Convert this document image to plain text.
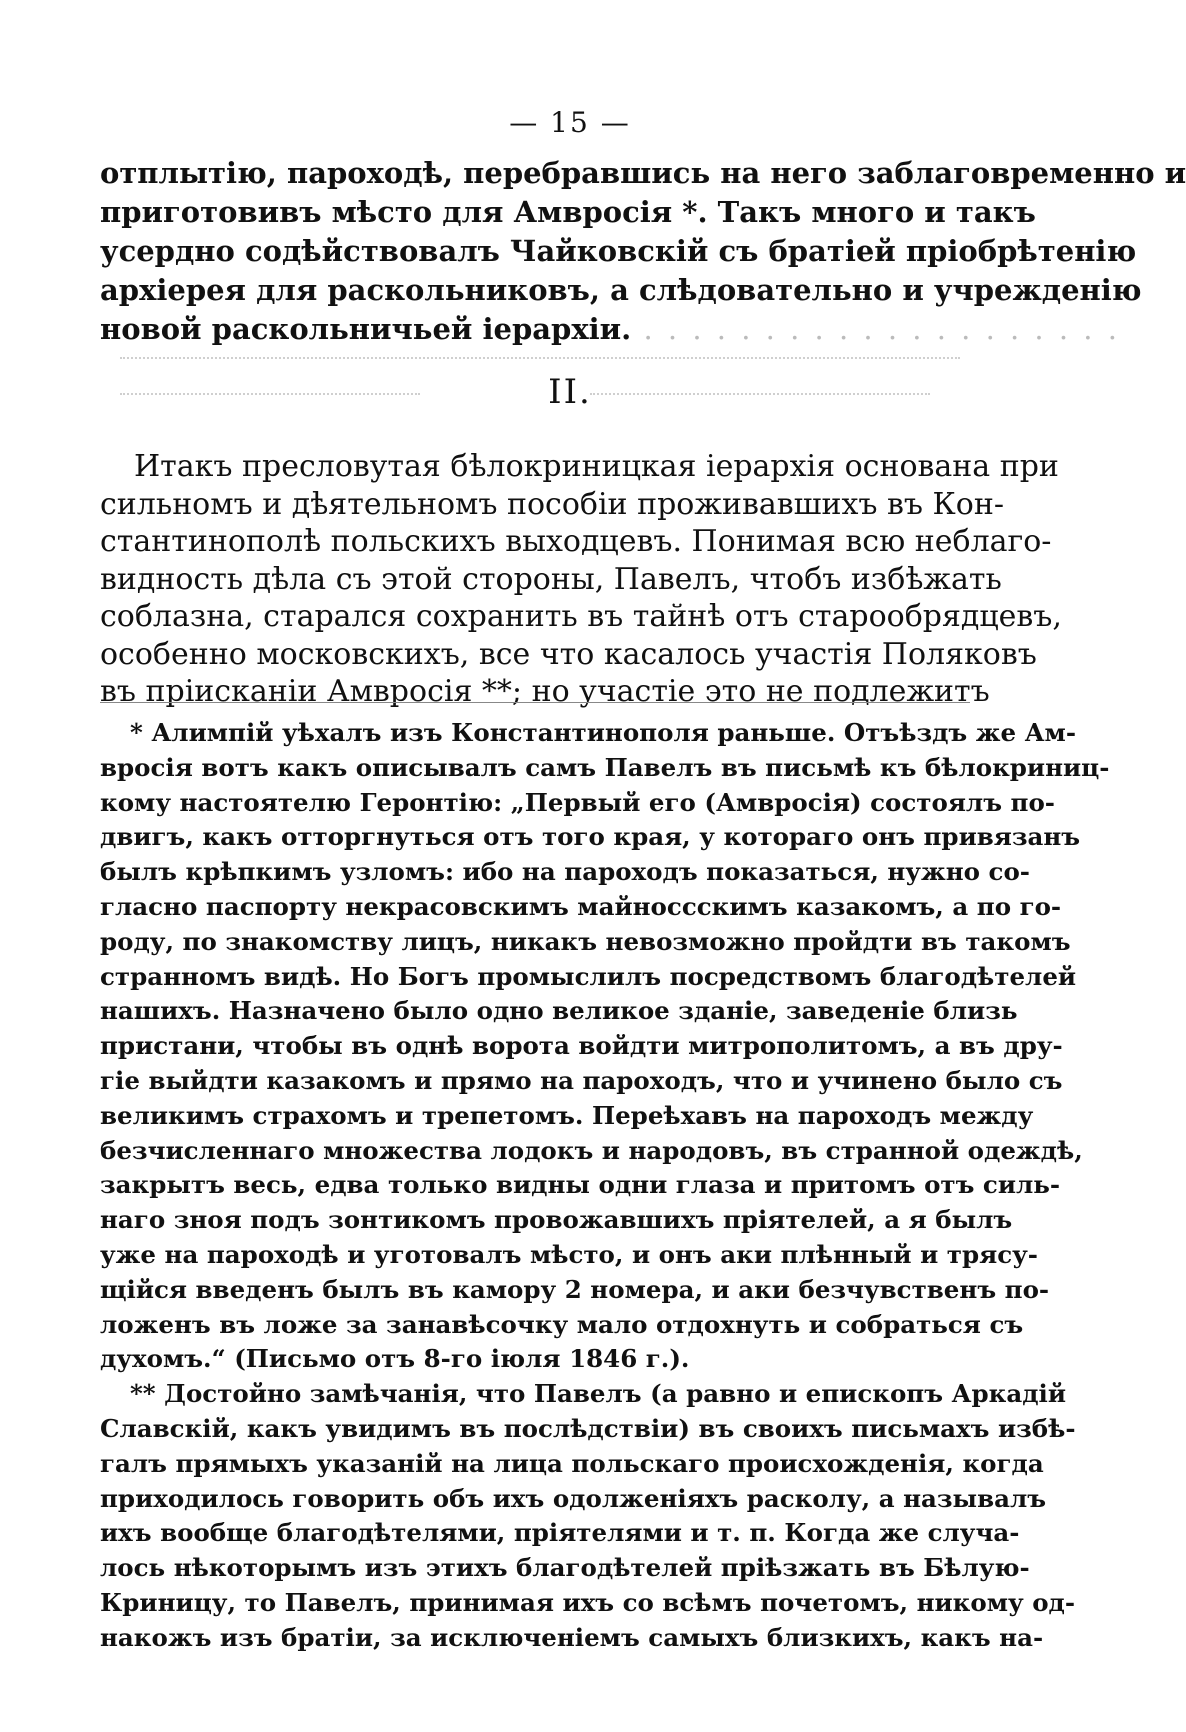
— 15 —
отплытію, пароходѣ, перебравшись на него заблаговременно и
приготовивъ мѣсто для Амвросія *. Такъ много и такъ
усердно содѣйствовалъ Чайковскій съ братіей пріобрѣтенію
архіерея для раскольниковъ, а слѣдовательно и учрежденію
новой раскольничьей іерархіи. . . . . . . . . . . . . . . . . . . . .
II.
Итакъ пресловутая бѣлокриницкая іерархія основана при
сильномъ и дѣятельномъ пособіи проживавшихъ въ Кон-
стантинополѣ польскихъ выходцевъ. Понимая всю неблаго-
видность дѣла съ этой стороны, Павелъ, чтобъ избѣжать
соблазна, старался сохранить въ тайнѣ отъ старообрядцевъ,
особенно московскихъ, все что касалось участія Поляковъ
въ пріисканіи Амвросія **; но участіе это не подлежитъ
* Алимпій уѣхалъ изъ Константинополя раньше. Отъѣздъ же Ам-
вросія вотъ какъ описывалъ самъ Павелъ въ письмѣ къ бѣлокриниц-
кому настоятелю Геронтію: „Первый его (Амвросія) состоялъ по-
двигъ, какъ отторгнуться отъ того края, у котораго онъ привязанъ
былъ крѣпкимъ узломъ: ибо на пароходъ показаться, нужно со-
гласно паспорту некрасовскимъ майноссскимъ казакомъ, а по го-
роду, по знакомству лицъ, никакъ невозможно пройдти въ такомъ
странномъ видѣ. Но Богъ промыслилъ посредствомъ благодѣтелей
нашихъ. Назначено было одно великое зданіе, заведеніе близь
пристани, чтобы въ однѣ ворота войдти митрополитомъ, а въ дру-
гіе выйдти казакомъ и прямо на пароходъ, что и учинено было съ
великимъ страхомъ и трепетомъ. Переѣхавъ на пароходъ между
безчисленнаго множества лодокъ и народовъ, въ странной одеждѣ,
закрытъ весь, едва только видны одни глаза и притомъ отъ силь-
наго зноя подъ зонтикомъ провожавшихъ пріятелей, а я былъ
уже на пароходѣ и уготовалъ мѣсто, и онъ аки плѣнный и трясу-
щійся введенъ былъ въ камору 2 номера, и аки безчувственъ по-
ложенъ въ ложе за занавѣсочку мало отдохнуть и собраться съ
духомъ.“ (Письмо отъ 8-го іюля 1846 г.).
** Достойно замѣчанія, что Павелъ (а равно и епископъ Аркадій
Славскій, какъ увидимъ въ послѣдствіи) въ своихъ письмахъ избѣ-
галъ прямыхъ указаній на лица польскаго происхожденія, когда
приходилось говорить объ ихъ одолженіяхъ расколу, а называлъ
ихъ вообще благодѣтелями, пріятелями и т. п. Когда же случа-
лось нѣкоторымъ изъ этихъ благодѣтелей пріѣзжать въ Бѣлую-
Криницу, то Павелъ, принимая ихъ со всѣмъ почетомъ, никому од-
накожъ изъ братіи, за исключеніемъ самыхъ близкихъ, какъ на-
